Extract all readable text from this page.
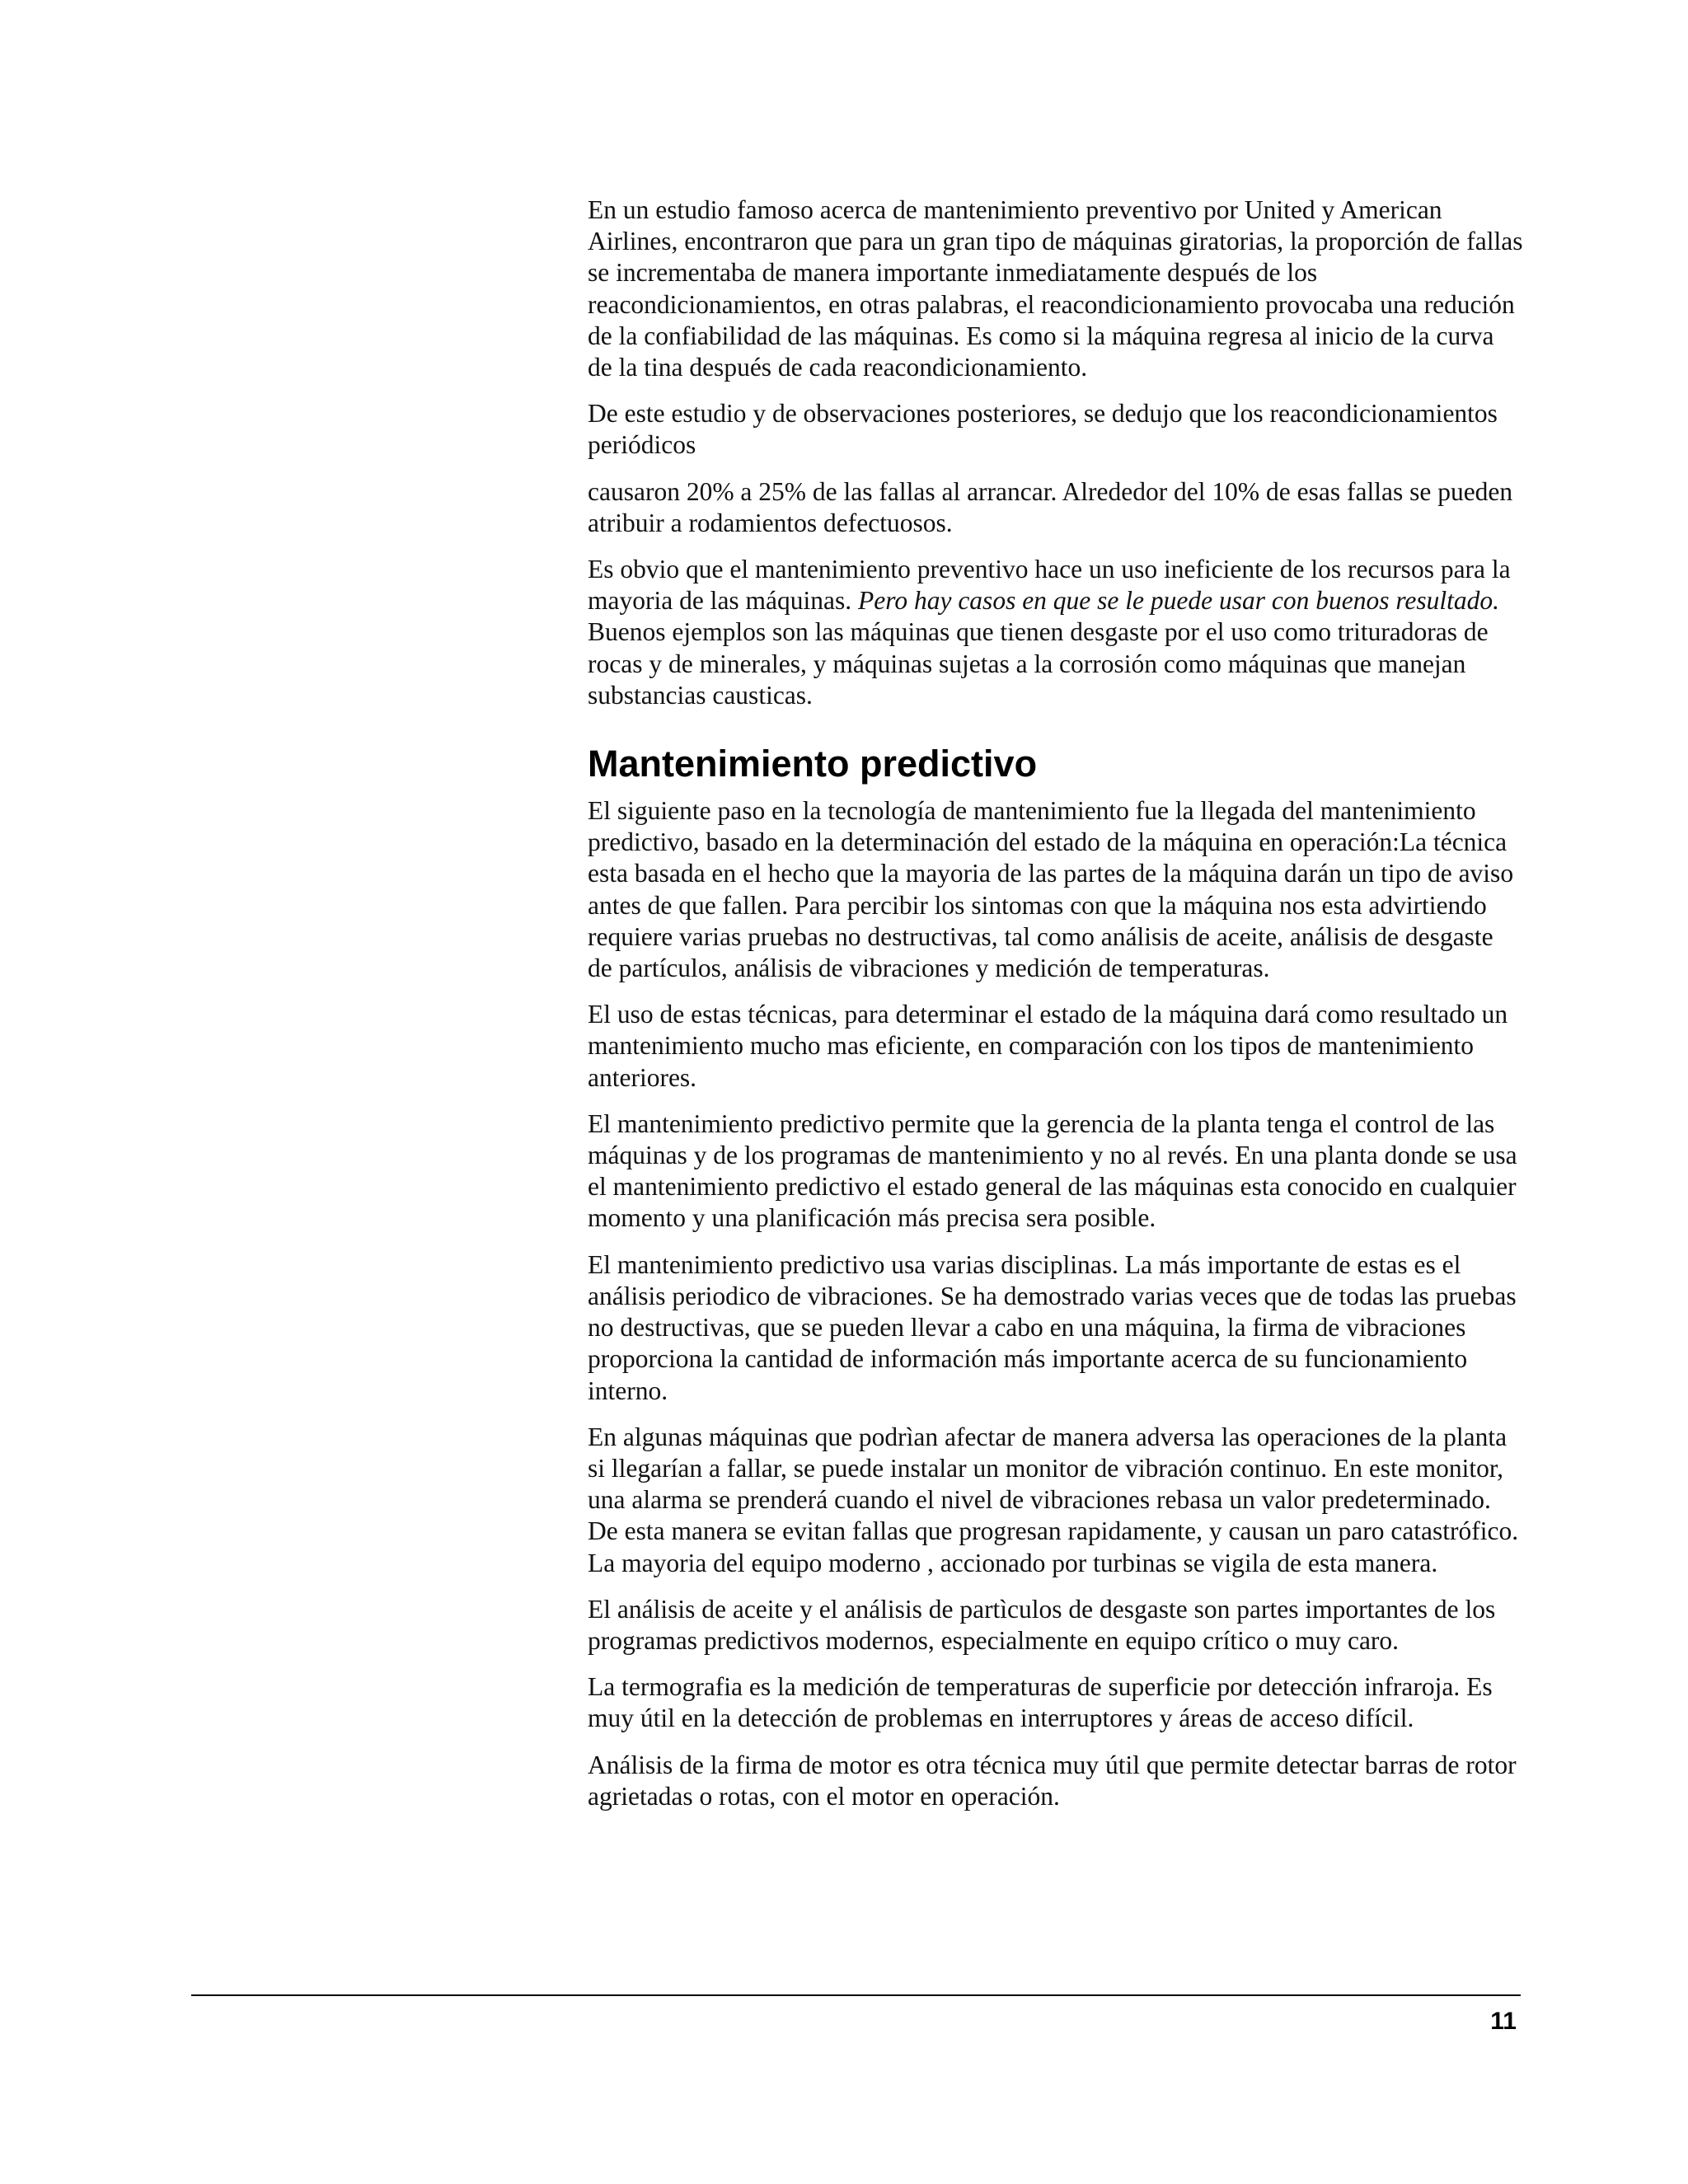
En un estudio famoso acerca de mantenimiento preventivo por United y American Airlines, encontraron que para un gran tipo de máquinas giratorias, la proporción de fallas se incrementaba de manera importante inmediatamente después de los reacondicionamientos, en otras palabras, el reacondicionamiento provocaba una redución de la confiabilidad de las máquinas. Es como si la máquina regresa al inicio de la curva de la tina después de cada reacondicionamiento.

De este estudio y de observaciones posteriores, se dedujo que los reacondicionamientos periódicos

causaron 20% a 25% de las fallas al arrancar. Alrededor del 10% de esas fallas se pueden atribuir a rodamientos defectuosos.

Es obvio que el mantenimiento preventivo hace un uso ineficiente de los recursos para la mayoria de las máquinas. Pero hay casos en que se le puede usar con buenos resultado. Buenos ejemplos son las máquinas que tienen desgaste por el uso como trituradoras de rocas y de minerales, y máquinas sujetas a la corrosión como máquinas que manejan substancias causticas.

Mantenimiento predictivo

El siguiente paso en la tecnología de mantenimiento fue la llegada del mantenimiento predictivo, basado en la determinación del estado de la máquina en operación:La técnica esta basada en el hecho que la mayoria de las partes de la máquina darán un tipo de aviso antes de que fallen. Para percibir los sintomas con que la máquina nos esta advirtiendo requiere varias pruebas no destructivas, tal como análisis de aceite, análisis de desgaste de partículos, análisis de vibraciones y medición de temperaturas.

El uso de estas técnicas, para determinar el estado de la máquina dará como resultado un mantenimiento mucho mas eficiente, en comparación con los tipos de mantenimiento anteriores.

El mantenimiento predictivo permite que la gerencia de la planta tenga el control de las máquinas y de los programas de mantenimiento y no al revés. En una planta donde se usa el mantenimiento predictivo el estado general de las máquinas esta conocido en cualquier momento y una planificación más precisa sera posible.

El mantenimiento predictivo usa varias disciplinas. La más importante de estas es el análisis periodico de vibraciones. Se ha demostrado varias veces que de todas las pruebas no destructivas, que se pueden llevar a cabo en una máquina, la firma de vibraciones proporciona la cantidad de información más importante acerca de su funcionamiento interno.

En algunas máquinas que podrìan afectar de manera adversa las operaciones de la planta si llegarían a fallar, se puede instalar un monitor de vibración continuo. En este monitor, una alarma se prenderá cuando el nivel de vibraciones rebasa un valor predeterminado. De esta manera se evitan fallas que progresan rapidamente, y causan un paro catastrófico. La mayoria del equipo moderno , accionado por turbinas se vigila de esta manera.

El análisis de aceite y el análisis de partìculos de desgaste son partes importantes de los programas predictivos modernos, especialmente en equipo crítico o muy caro.

La termografia es la medición de temperaturas de superficie por detección infraroja. Es muy útil en la detección de problemas en interruptores y áreas de acceso difícil.

Análisis de la firma de motor es otra técnica muy útil que permite detectar barras de rotor agrietadas o rotas, con el motor en operación.

11
